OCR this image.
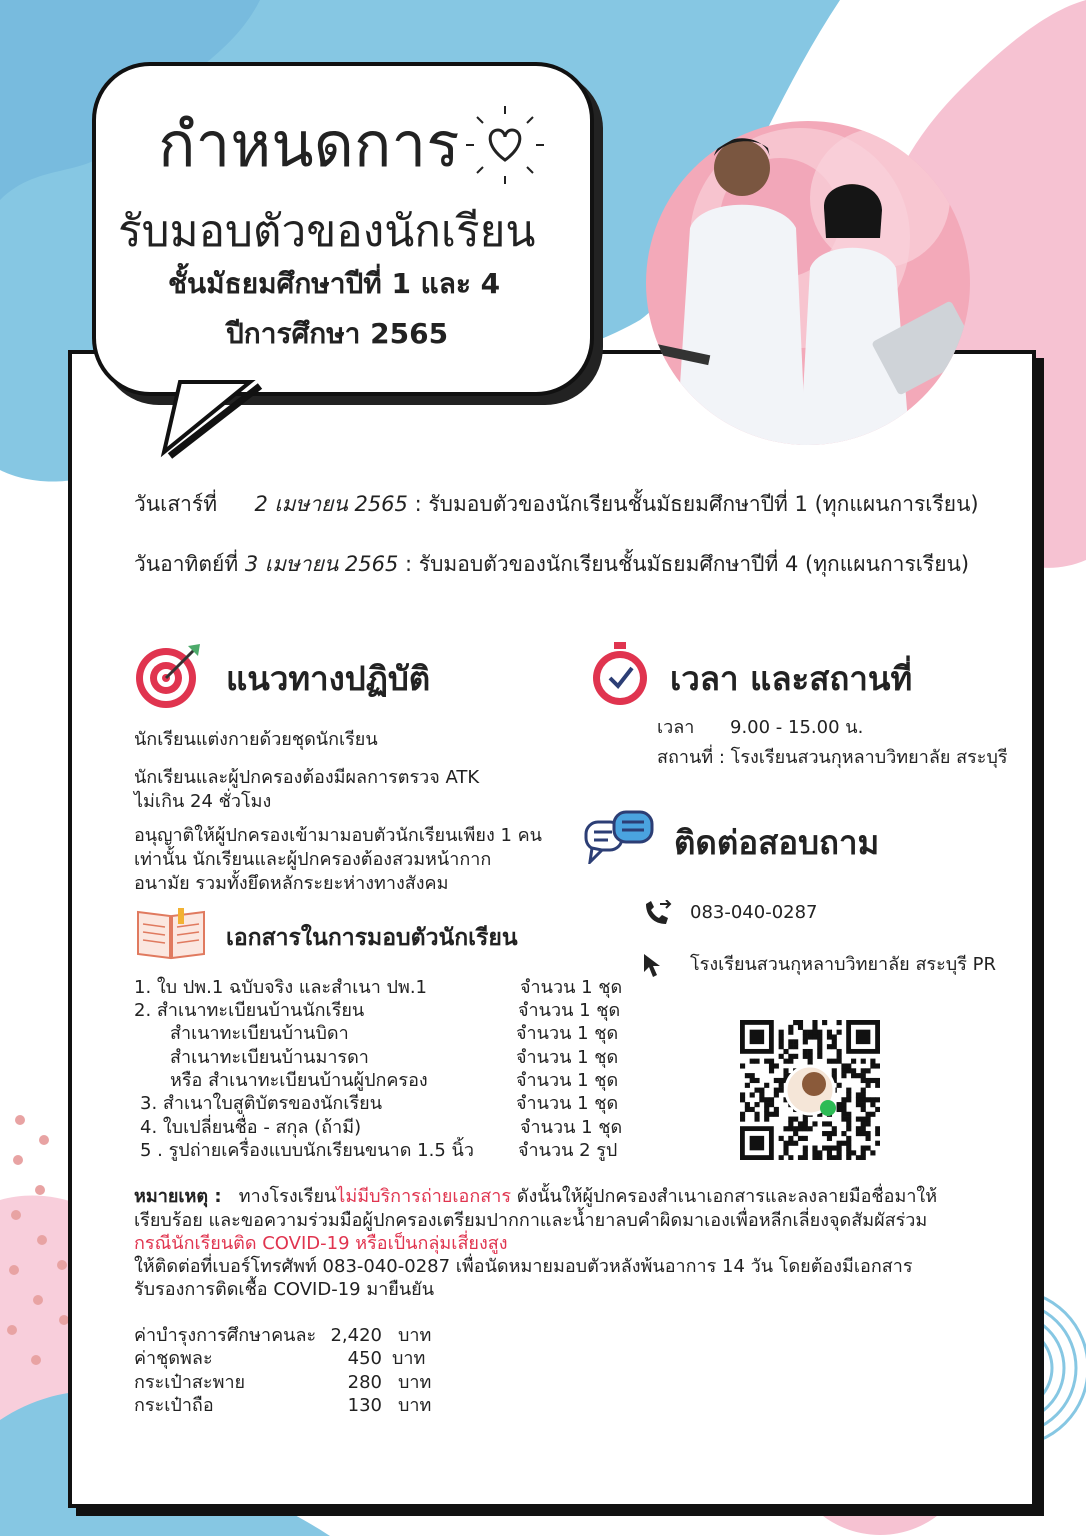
กำหนดการ
รับมอบตัวของนักเรียน
ชั้นมัธยมศึกษาปีที่ 1 และ 4
ปีการศึกษา 2565
วันเสาร์ที่ 2 เมษายน 2565 : รับมอบตัวของนักเรียนชั้นมัธยมศึกษาปีที่ 1 (ทุกแผนการเรียน)
วันอาทิตย์ที่ 3 เมษายน 2565 : รับมอบตัวของนักเรียนชั้นมัธยมศึกษาปีที่ 4 (ทุกแผนการเรียน)
แนวทางปฏิบัติ
นักเรียนแต่งกายด้วยชุดนักเรียน
นักเรียนและผู้ปกครองต้องมีผลการตรวจ ATK
ไม่เกิน 24 ชั่วโมง
อนุญาติให้ผู้ปกครองเข้ามามอบตัวนักเรียนเพียง 1 คน
เท่านั้น นักเรียนและผู้ปกครองต้องสวมหน้ากาก
อนามัย รวมทั้งยึดหลักระยะห่างทางสังคม
เวลา และสถานที่
เวลา 9.00 - 15.00 น.
สถานที่ : โรงเรียนสวนกุหลาบวิทยาลัย สระบุรี
ติดต่อสอบถาม
083-040-0287
โรงเรียนสวนกุหลาบวิทยาลัย สระบุรี PR
เอกสารในการมอบตัวนักเรียน
1. ใบ ปพ.1 ฉบับจริง และสำเนา ปพ.1	จำนวน 1 ชุด
2. สำเนาทะเบียนบ้านนักเรียน	จำนวน 1 ชุด
สำเนาทะเบียนบ้านบิดา	จำนวน 1 ชุด
สำเนาทะเบียนบ้านมารดา	จำนวน 1 ชุด
หรือ สำเนาทะเบียนบ้านผู้ปกครอง	จำนวน 1 ชุด
3. สำเนาใบสูติบัตรของนักเรียน	จำนวน 1 ชุด
4. ใบเปลี่ยนชื่อ - สกุล (ถ้ามี)	จำนวน 1 ชุด
5 . รูปถ่ายเครื่องแบบนักเรียนขนาด 1.5 นิ้ว จำนวน 2 รูป
หมายเหตุ : ทางโรงเรียนไม่มีบริการถ่ายเอกสาร ดังนั้นให้ผู้ปกครองสำเนาเอกสารและลงลายมือชื่อมาให้
เรียบร้อย และขอความร่วมมือผู้ปกครองเตรียมปากกาและน้ำยาลบคำผิดมาเองเพื่อหลีกเลี่ยงจุดสัมผัสร่วม
กรณีนักเรียนติด COVID-19 หรือเป็นกลุ่มเสี่ยงสูง
ให้ติดต่อที่เบอร์โทรศัพท์ 083-040-0287 เพื่อนัดหมายมอบตัวหลังพ้นอาการ 14 วัน โดยต้องมีเอกสาร
รับรองการติดเชื้อ COVID-19 มายืนยัน
ค่าบำรุงการศึกษาคนละ 2,420 บาท
ค่าชุดพละ	450 บาท
กระเป๋าสะพาย	280 บาท
กระเป๋าถือ	130 บาท
